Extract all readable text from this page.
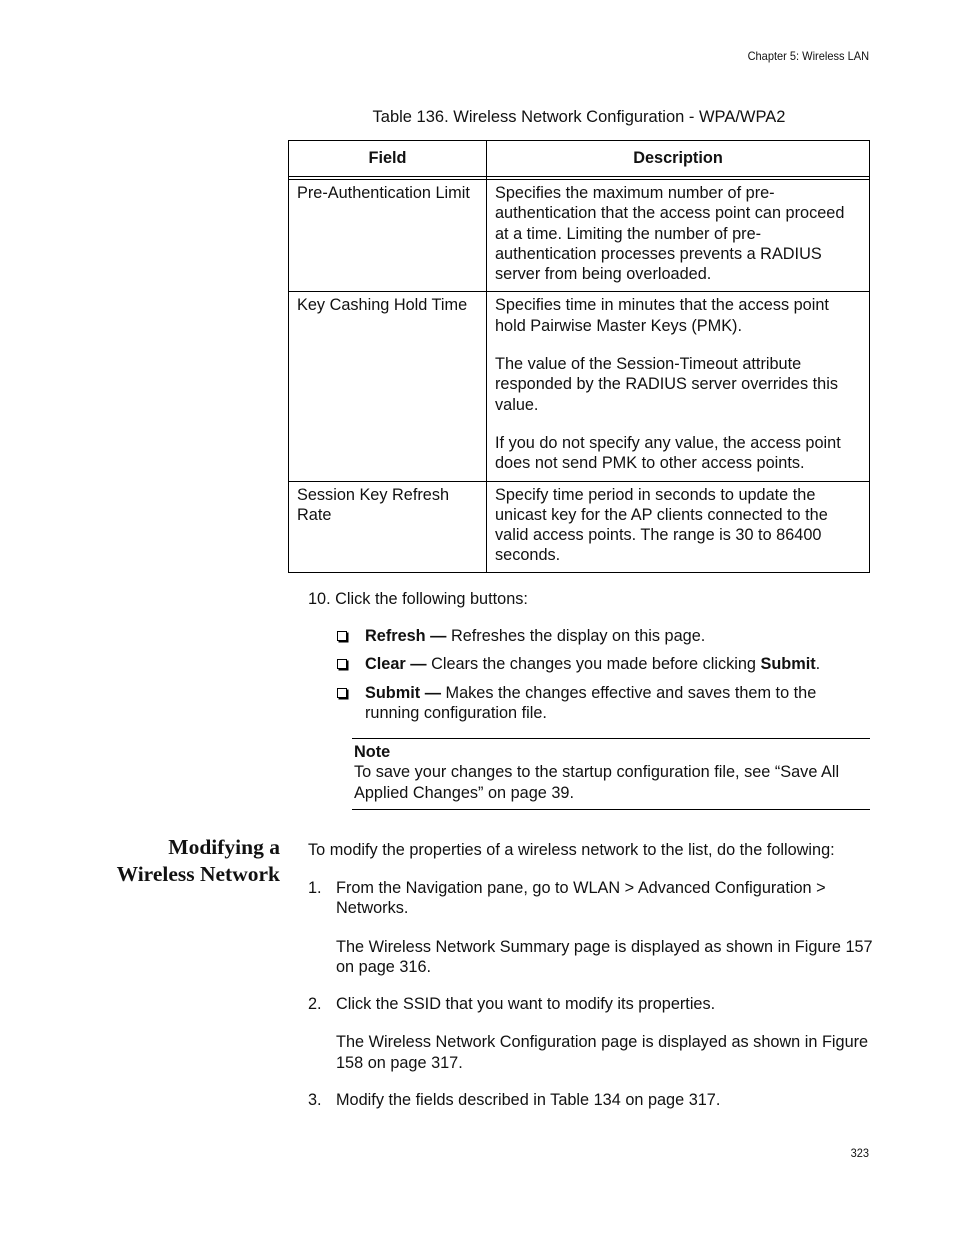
Chapter 5: Wireless LAN
Table 136. Wireless Network Configuration - WPA/WPA2
Field	Description

Pre-Authentication Limit	Specifies the maximum number of pre-authentication that the access point can proceed at a time. Limiting the number of pre-authentication processes prevents a RADIUS server from being overloaded.

Key Cashing Hold Time	Specifies time in minutes that the access point hold Pairwise Master Keys (PMK).

The value of the Session-Timeout attribute responded by the RADIUS server overrides this value.

If you do not specify any value, the access point does not send PMK to other access points.

Session Key Refresh Rate	Specify time period in seconds to update the unicast key for the AP clients connected to the valid access points. The range is 30 to 86400 seconds.

10. Click the following buttons:
Refresh — Refreshes the display on this page.
Clear — Clears the changes you made before clicking Submit.
Submit — Makes the changes effective and saves them to the running configuration file.
Note
To save your changes to the startup configuration file, see “Save All Applied Changes” on page 39.
Modifying a
Wireless Network
To modify the properties of a wireless network to the list, do the following:
1. From the Navigation pane, go to WLAN > Advanced Configuration > Networks.

The Wireless Network Summary page is displayed as shown in Figure 157 on page 316.

2. Click the SSID that you want to modify its properties.

The Wireless Network Configuration page is displayed as shown in Figure 158 on page 317.

3. Modify the fields described in Table 134 on page 317.

323
